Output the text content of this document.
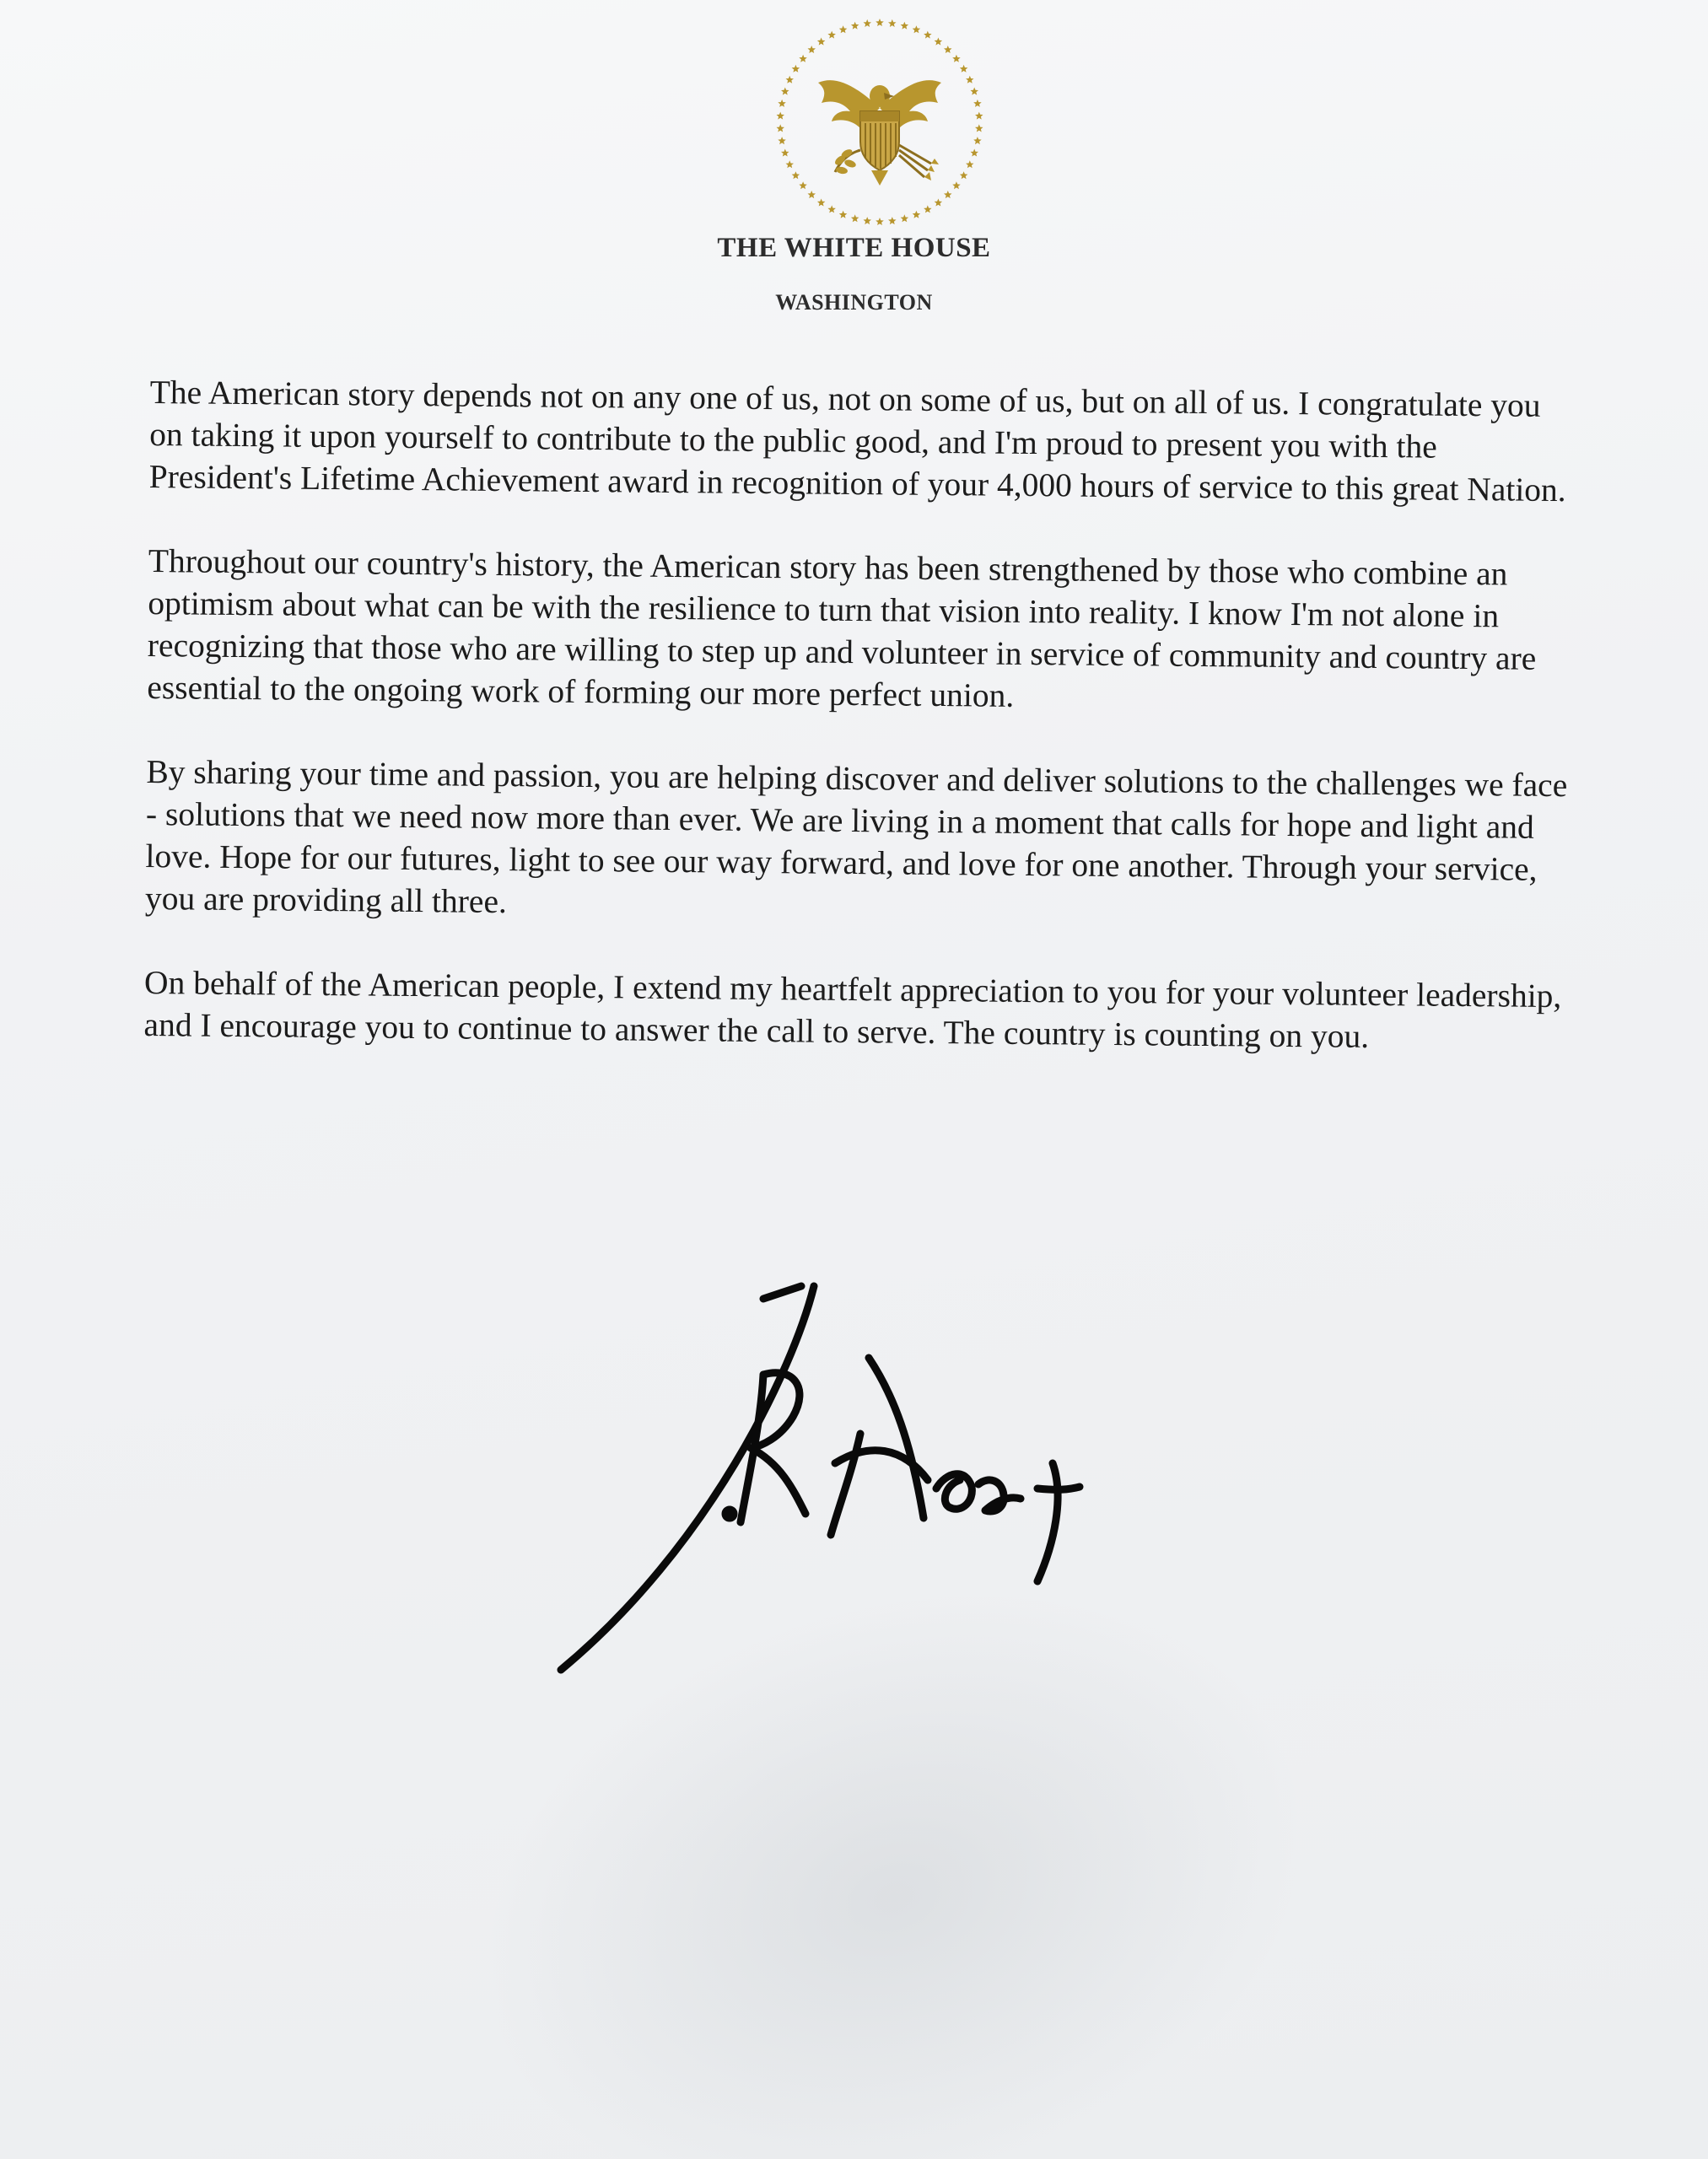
THE WHITE HOUSE
WASHINGTON

The American story depends not on any one of us, not on some of us, but on all of us. I congratulate you on taking it upon yourself to contribute to the public good, and I'm proud to present you with the President's Lifetime Achievement award in recognition of your 4,000 hours of service to this great Nation.

Throughout our country's history, the American story has been strengthened by those who combine an optimism about what can be with the resilience to turn that vision into reality. I know I'm not alone in recognizing that those who are willing to step up and volunteer in service of community and country are essential to the ongoing work of forming our more perfect union.

By sharing your time and passion, you are helping discover and deliver solutions to the challenges we face - solutions that we need now more than ever. We are living in a moment that calls for hope and light and love. Hope for our futures, light to see our way forward, and love for one another. Through your service, you are providing all three.

On behalf of the American people, I extend my heartfelt appreciation to you for your volunteer leadership, and I encourage you to continue to answer the call to serve. The country is counting on you.
